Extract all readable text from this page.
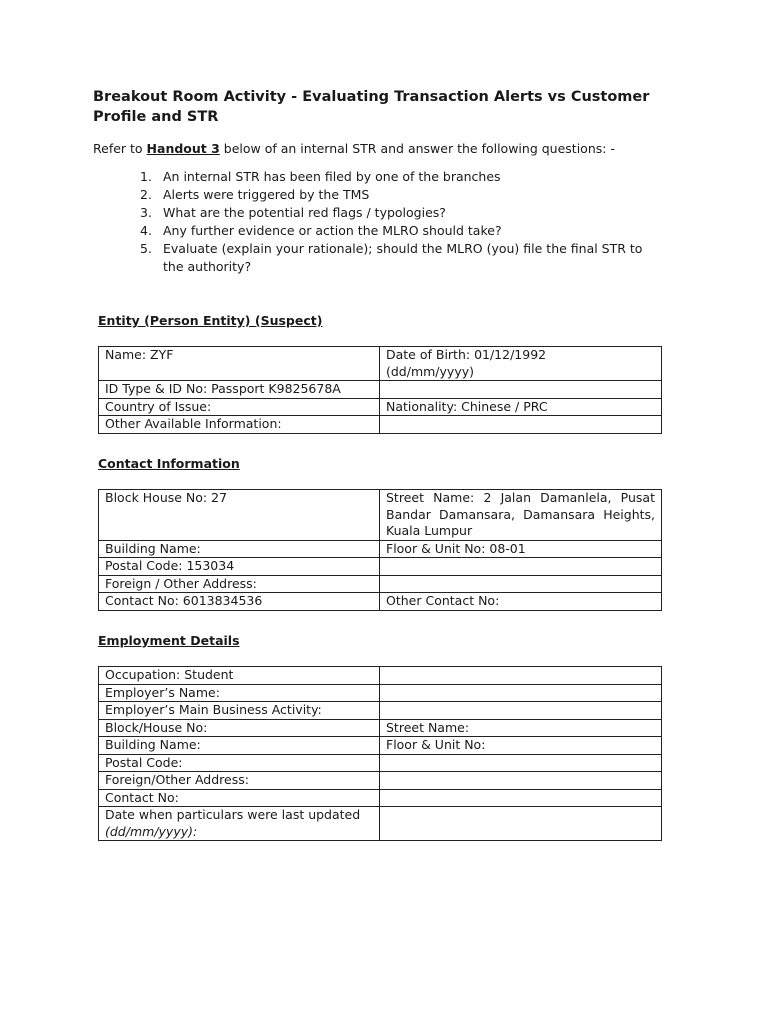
Breakout Room Activity - Evaluating Transaction Alerts vs Customer Profile and STR
Refer to Handout 3 below of an internal STR and answer the following questions: -
1. An internal STR has been filed by one of the branches
2. Alerts were triggered by the TMS
3. What are the potential red flags / typologies?
4. Any further evidence or action the MLRO should take?
5. Evaluate (explain your rationale); should the MLRO (you) file the final STR to the authority?
Entity (Person Entity) (Suspect)
Name: ZYF	Date of Birth: 01/12/1992
(dd/mm/yyyy)
ID Type & ID No: Passport K9825678A	
Country of Issue:	Nationality: Chinese / PRC
Other Available Information:	
Contact Information
Block House No: 27	Street Name: 2 Jalan Damanlela, Pusat Bandar Damansara, Damansara Heights, Kuala Lumpur
Building Name:	Floor & Unit No: 08-01
Postal Code: 153034	
Foreign / Other Address:	
Contact No: 6013834536	Other Contact No:
Employment Details
Occupation: Student	
Employer’s Name:	
Employer’s Main Business Activity:	
Block/House No:	Street Name:
Building Name:	Floor & Unit No:
Postal Code:	
Foreign/Other Address:	
Contact No:	
Date when particulars were last updated
(dd/mm/yyyy):	
